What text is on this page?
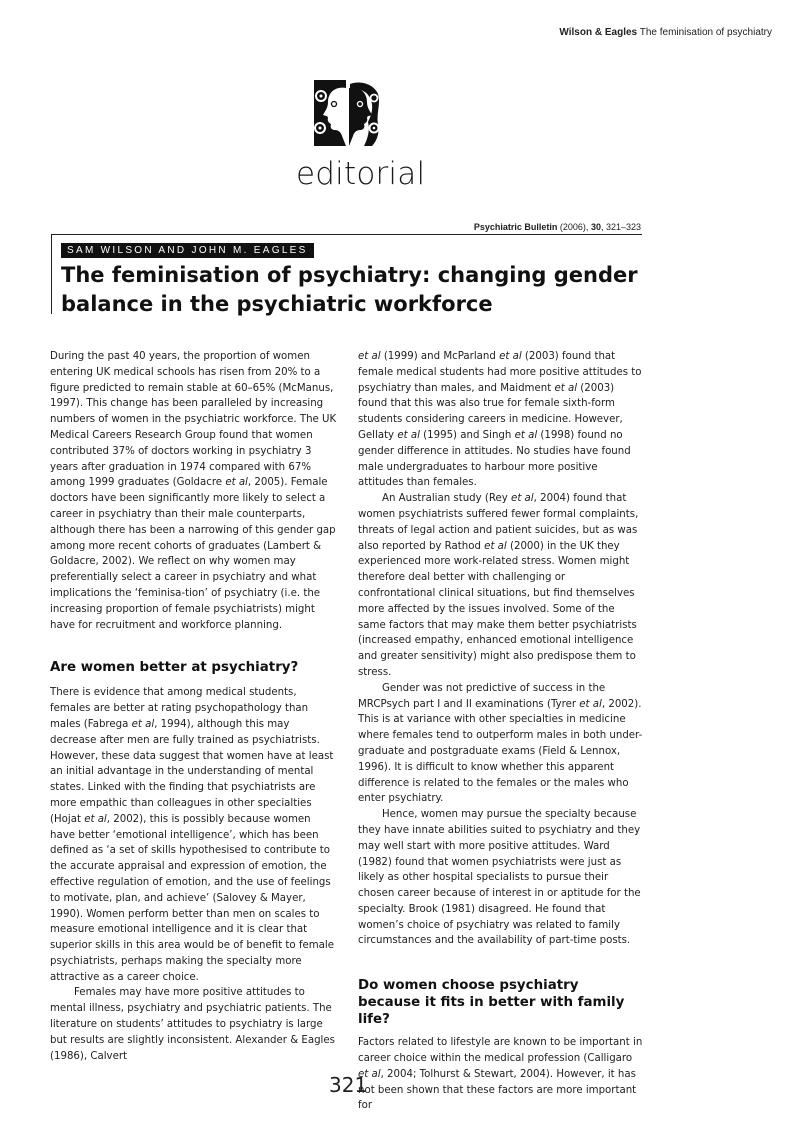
Wilson & Eagles The feminisation of psychiatry
editorial
Psychiatric Bulletin (2006), 30, 321–323
SAM WILSON AND JOHN M. EAGLES
The feminisation of psychiatry: changing gender balance in the psychiatric workforce

During the past 40 years, the proportion of women entering UK medical schools has risen from 20% to a figure predicted to remain stable at 60–65% (McManus, 1997). This change has been paralleled by increasing numbers of women in the psychiatric workforce. The UK Medical Careers Research Group found that women contributed 37% of doctors working in psychiatry 3 years after graduation in 1974 compared with 67% among 1999 graduates (Goldacre et al, 2005). Female doctors have been significantly more likely to select a career in psychiatry than their male counterparts, although there has been a narrowing of this gender gap among more recent cohorts of graduates (Lambert & Goldacre, 2002). We reflect on why women may preferentially select a career in psychiatry and what implications the ‘feminisa-tion’ of psychiatry (i.e. the increasing proportion of female psychiatrists) might have for recruitment and workforce planning.

Are women better at psychiatry?

There is evidence that among medical students, females are better at rating psychopathology than males (Fabrega et al, 1994), although this may decrease after men are fully trained as psychiatrists. However, these data suggest that women have at least an initial advantage in the understanding of mental states. Linked with the finding that psychiatrists are more empathic than colleagues in other specialties (Hojat et al, 2002), this is possibly because women have better ‘emotional intelligence’, which has been defined as ‘a set of skills hypothesised to contribute to the accurate appraisal and expression of emotion, the effective regulation of emotion, and the use of feelings to motivate, plan, and achieve’ (Salovey & Mayer, 1990). Women perform better than men on scales to measure emotional intelligence and it is clear that superior skills in this area would be of benefit to female psychiatrists, perhaps making the specialty more attractive as a career choice.

Females may have more positive attitudes to mental illness, psychiatry and psychiatric patients. The literature on students’ attitudes to psychiatry is large but results are slightly inconsistent. Alexander & Eagles (1986), Calvert

et al (1999) and McParland et al (2003) found that female medical students had more positive attitudes to psychiatry than males, and Maidment et al (2003) found that this was also true for female sixth-form students considering careers in medicine. However, Gellaty et al (1995) and Singh et al (1998) found no gender difference in attitudes. No studies have found male undergraduates to harbour more positive attitudes than females.

An Australian study (Rey et al, 2004) found that women psychiatrists suffered fewer formal complaints, threats of legal action and patient suicides, but as was also reported by Rathod et al (2000) in the UK they experienced more work-related stress. Women might therefore deal better with challenging or confrontational clinical situations, but find themselves more affected by the issues involved. Some of the same factors that may make them better psychiatrists (increased empathy, enhanced emotional intelligence and greater sensitivity) might also predispose them to stress.

Gender was not predictive of success in the MRCPsych part I and II examinations (Tyrer et al, 2002). This is at variance with other specialties in medicine where females tend to outperform males in both under-graduate and postgraduate exams (Field & Lennox, 1996). It is difficult to know whether this apparent difference is related to the females or the males who enter psychiatry.

Hence, women may pursue the specialty because they have innate abilities suited to psychiatry and they may well start with more positive attitudes. Ward (1982) found that women psychiatrists were just as likely as other hospital specialists to pursue their chosen career because of interest in or aptitude for the specialty. Brook (1981) disagreed. He found that women’s choice of psychiatry was related to family circumstances and the availability of part-time posts.

Do women choose psychiatry because it fits in better with family life?

Factors related to lifestyle are known to be important in career choice within the medical profession (Calligaro et al, 2004; Tolhurst & Stewart, 2004). However, it has not been shown that these factors are more important for

321
